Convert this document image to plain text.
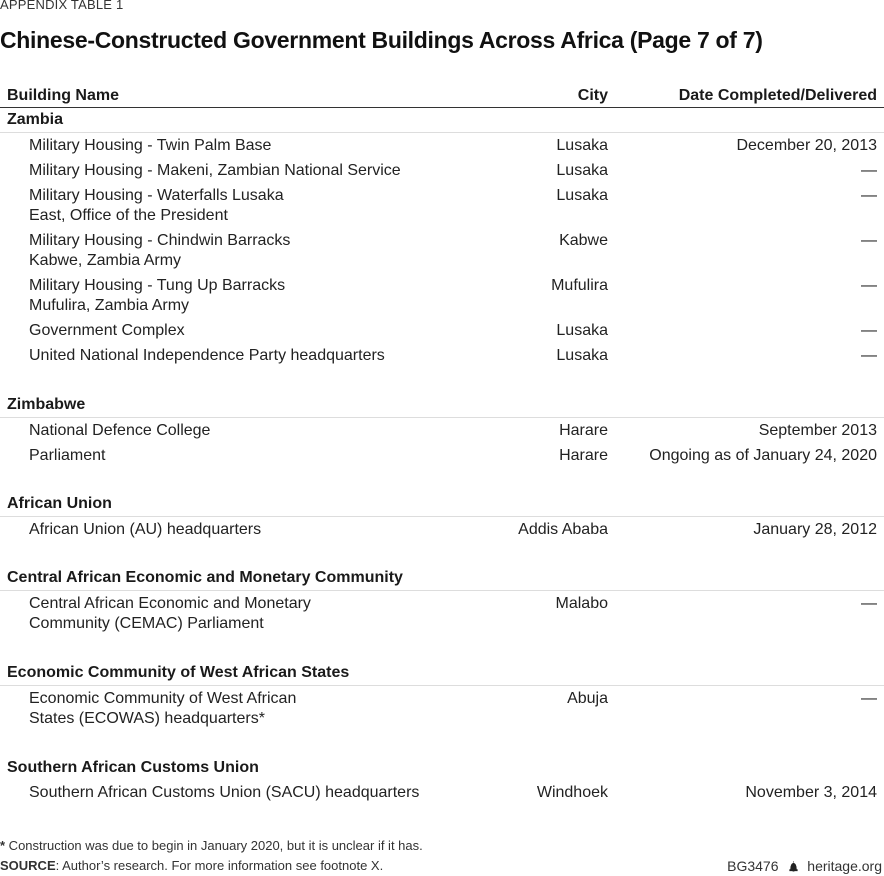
APPENDIX TABLE 1
Chinese-Constructed Government Buildings Across Africa (Page 7 of 7)
Building Name	City	Date Completed/Delivered
Zambia
Military Housing - Twin Palm Base	Lusaka	December 20, 2013
Military Housing - Makeni, Zambian National Service	Lusaka	—
Military Housing - Waterfalls Lusaka
East, Office of the President
Lusaka	—
Military Housing - Chindwin Barracks
Kabwe, Zambia Army
Kabwe	—
Military Housing - Tung Up Barracks
Mufulira, Zambia Army
Mufulira	—
Government Complex	Lusaka	—
United National Independence Party headquarters	Lusaka	—
Zimbabwe
National Defence College	Harare	September 2013
Parliament	Harare	Ongoing as of January 24, 2020
African Union
African Union (AU) headquarters	Addis Ababa	January 28, 2012
Central African Economic and Monetary Community
Central African Economic and Monetary
Community (CEMAC) Parliament
Malabo	—
Economic Community of West African States
Economic Community of West African
States (ECOWAS) headquarters*
Abuja	—
Southern African Customs Union
Southern African Customs Union (SACU) headquarters	Windhoek	November 3, 2014
* Construction was due to begin in January 2020, but it is unclear if it has.
SOURCE: Author’s research. For more information see footnote X.	BG3476 heritage.org
